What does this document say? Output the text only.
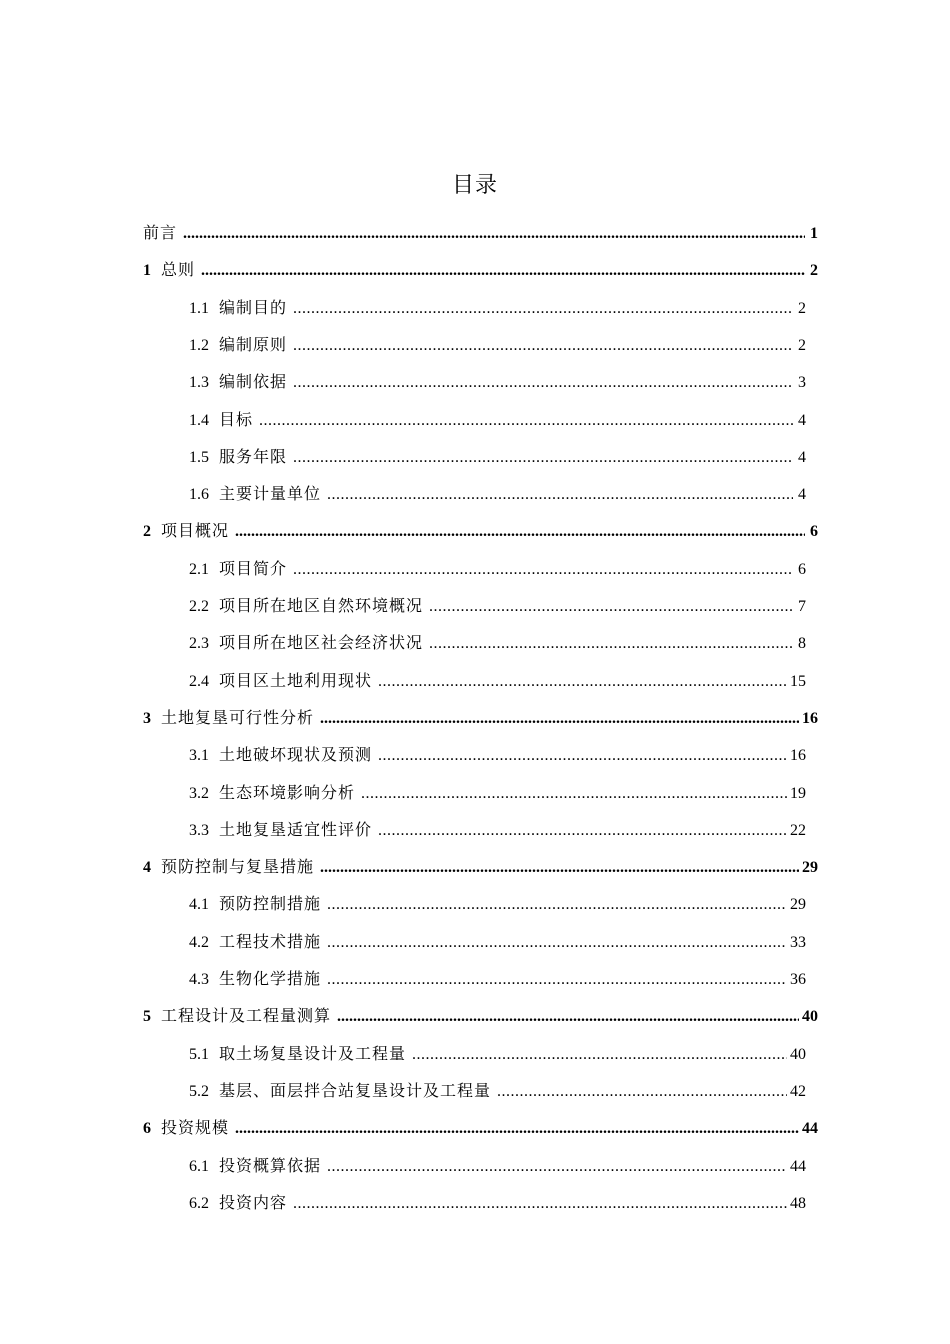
目录
前言 .....	1
1 总则 .....	2
1.1 编制目的 .....	2
1.2 编制原则 .....	2
1.3 编制依据 .....	3
1.4 目标 .....	4
1.5 服务年限 .....	4
1.6 主要计量单位 .....	4
2 项目概况 .....	6
2.1 项目简介 .....	6
2.2 项目所在地区自然环境概况 .....	7
2.3 项目所在地区社会经济状况 .....	8
2.4 项目区土地利用现状 .....	15
3 土地复垦可行性分析 .....	16
3.1 土地破坏现状及预测 .....	16
3.2 生态环境影响分析 .....	19
3.3 土地复垦适宜性评价 .....	22
4 预防控制与复垦措施 .....	29
4.1 预防控制措施 .....	29
4.2 工程技术措施 .....	33
4.3 生物化学措施 .....	36
5 工程设计及工程量测算 .....	40
5.1 取土场复垦设计及工程量 .....	40
5.2 基层、面层拌合站复垦设计及工程量 .....	42
6 投资规模 .....	44
6.1 投资概算依据 .....	44
6.2 投资内容 .....	48
